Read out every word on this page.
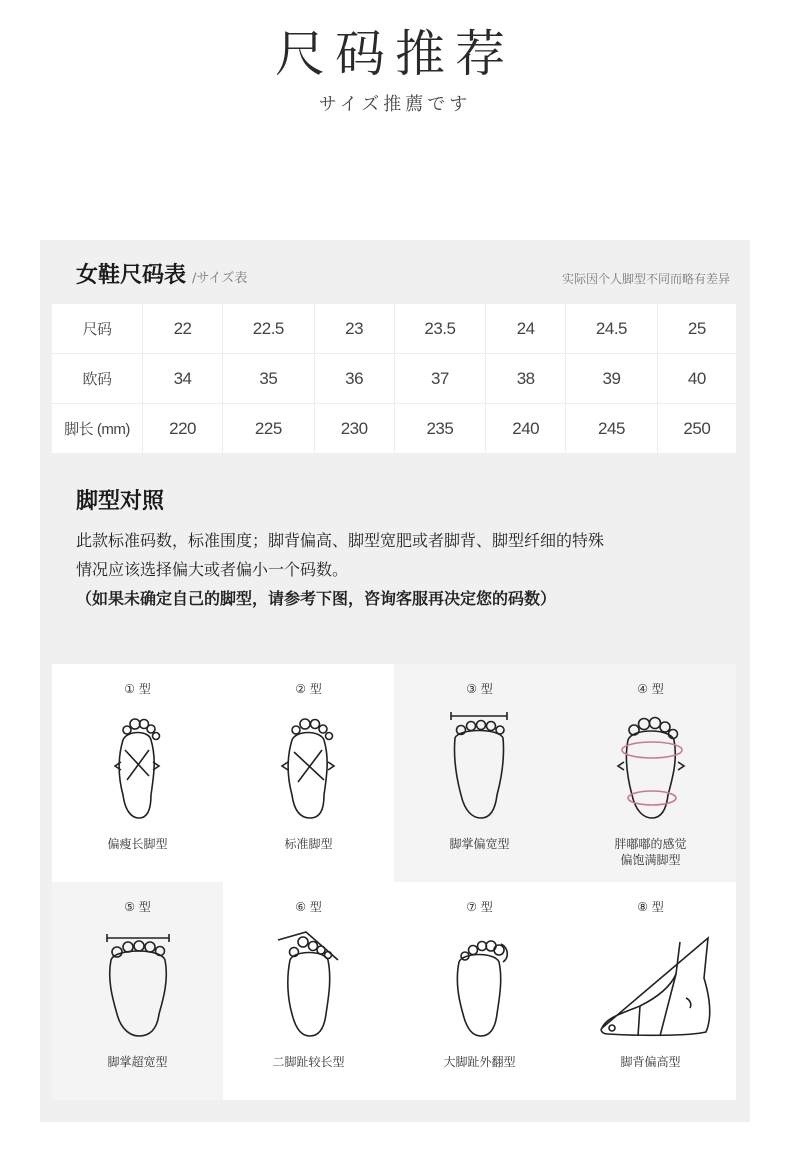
尺码推荐
サイズ推薦です
女鞋尺码表 /サイズ表	实际因个人脚型不同而略有差异
尺码	22	22.5	23	23.5	24	24.5	25
欧码	34	35	36	37	38	39	40
脚长 (mm)	220	225	230	235	240	245	250
脚型对照
此款标准码数，标准围度；脚背偏高、脚型宽肥或者脚背、脚型纤细的特殊
情况应该选择偏大或者偏小一个码数。
（如果未确定自己的脚型，请参考下图，咨询客服再决定您的码数）
① 型
偏瘦长脚型
② 型
标准脚型
③ 型
脚掌偏宽型
④ 型
胖嘟嘟的感觉
偏饱满脚型
⑤ 型
脚掌超宽型
⑥ 型
二脚趾较长型
⑦ 型
大脚趾外翻型
⑧ 型
脚背偏高型
